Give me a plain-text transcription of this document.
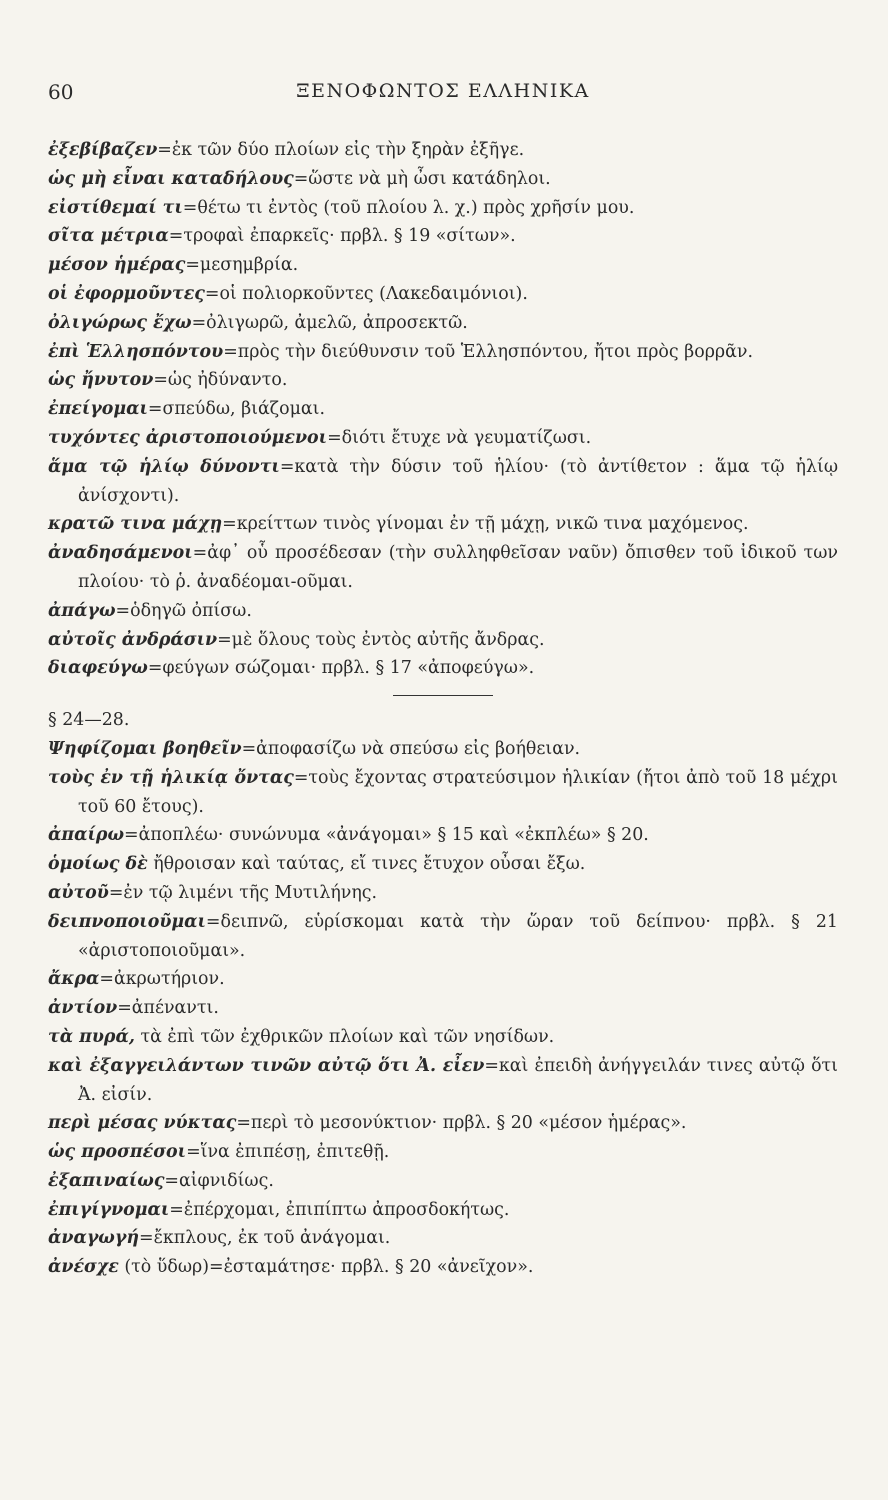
ΞΕΝΟΦΩΝΤΟΣ ΕΛΛΗΝΙΚΑ
60
ἐξεβίβαζεν=ἐκ τῶν δύο πλοίων εἰς τὴν ξηρὰν ἐξῆγε.
ὡς μὴ εἶναι καταδήλους=ὥστε νὰ μὴ ὦσι κατάδηλοι.
εἰστίθεμαί τι=θέτω τι ἐντὸς (τοῦ πλοίου λ. χ.) πρὸς χρῆσίν μου.
σῖτα μέτρια=τροφαὶ ἐπαρκεῖς· πρβλ. § 19 «σίτων».
μέσον ἡμέρας=μεσημβρία.
οἱ ἐφορμοῦντες=οἱ πολιορκοῦντες (Λακεδαιμόνιοι).
ὀλιγώρως ἔχω=ὀλιγωρῶ, ἀμελῶ, ἀπροσεκτῶ.
ἐπὶ Ἑλλησπόντου=πρὸς τὴν διεύθυνσιν τοῦ Ἑλλησπόντου, ἤτοι πρὸς βορρᾶν.
ὡς ἤνυτον=ὡς ἠδύναντο.
ἐπείγομαι=σπεύδω, βιάζομαι.
τυχόντες ἀριστοποιούμενοι=διότι ἔτυχε νὰ γευματίζωσι.
ἅμα τῷ ἡλίῳ δύνοντι=κατὰ τὴν δύσιν τοῦ ἡλίου· (τὸ ἀντίθετον : ἅμα τῷ ἡλίῳ ἀνίσχοντι).
κρατῶ τινα μάχῃ=κρείττων τινὸς γίνομαι ἐν τῇ μάχῃ, νικῶ τινα μαχόμενος.
ἀναδησάμενοι=ἀφ᾽ οὗ προσέδεσαν (τὴν συλληφθεῖσαν ναῦν) ὄπισθεν τοῦ ἰδικοῦ των πλοίου· τὸ ῥ. ἀναδέομαι-οῦμαι.
ἀπάγω=ὁδηγῶ ὀπίσω.
αὐτοῖς ἀνδράσιν=μὲ ὅλους τοὺς ἐντὸς αὐτῆς ἄνδρας.
διαφεύγω=φεύγων σώζομαι· πρβλ. § 17 «ἀποφεύγω».
§ 24—28.
Ψηφίζομαι βοηθεῖν=ἀποφασίζω νὰ σπεύσω εἰς βοήθειαν.
τοὺς ἐν τῇ ἡλικίᾳ ὄντας=τοὺς ἔχοντας στρατεύσιμον ἡλικίαν (ἤτοι ἀπὸ τοῦ 18 μέχρι τοῦ 60 ἔτους).
ἀπαίρω=ἀποπλέω· συνώνυμα «ἀνάγομαι» § 15 καὶ «ἐκπλέω» § 20.
ὁμοίως δὲ ἤθροισαν καὶ ταύτας, εἴ τινες ἔτυχον οὖσαι ἔξω.
αὐτοῦ=ἐν τῷ λιμένι τῆς Μυτιλήνης.
δειπνοποιοῦμαι=δειπνῶ, εὑρίσκομαι κατὰ τὴν ὥραν τοῦ δείπνου· πρβλ. § 21 «ἀριστοποιοῦμαι».
ἄκρα=ἀκρωτήριον.
ἀντίον=ἀπέναντι.
τὰ πυρά, τὰ ἐπὶ τῶν ἐχθρικῶν πλοίων καὶ τῶν νησίδων.
καὶ ἐξαγγειλάντων τινῶν αὐτῷ ὅτι Ἀ. εἶεν=καὶ ἐπειδὴ ἀνήγγειλάν τινες αὐτῷ ὅτι Ἀ. εἰσίν.
περὶ μέσας νύκτας=περὶ τὸ μεσονύκτιον· πρβλ. § 20 «μέσον ἡμέρας».
ὡς προσπέσοι=ἵνα ἐπιπέσῃ, ἐπιτεθῇ.
ἐξαπιναίως=αἰφνιδίως.
ἐπιγίγνομαι=ἐπέρχομαι, ἐπιπίπτω ἀπροσδοκήτως.
ἀναγωγή=ἔκπλους, ἐκ τοῦ ἀνάγομαι.
ἀνέσχε (τὸ ὕδωρ)=ἐσταμάτησε· πρβλ. § 20 «ἀνεῖχον».
